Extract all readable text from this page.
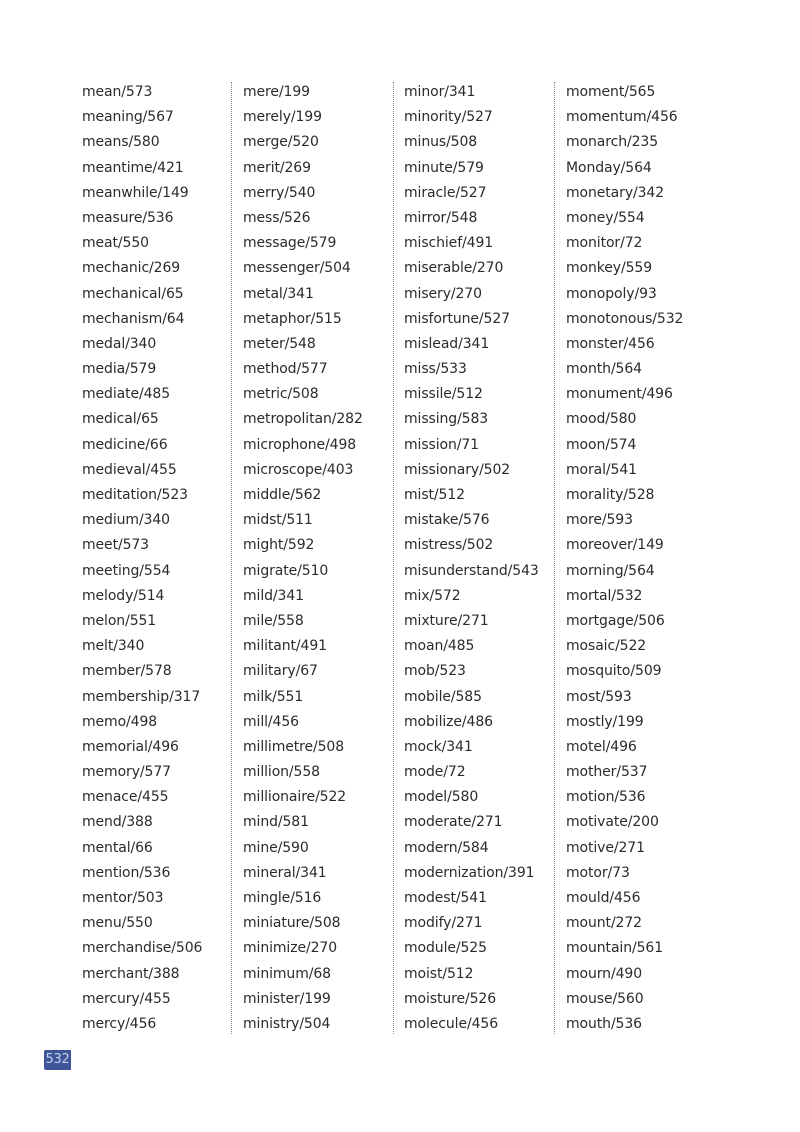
mean/573
meaning/567
means/580
meantime/421
meanwhile/149
measure/536
meat/550
mechanic/269
mechanical/65
mechanism/64
medal/340
media/579
mediate/485
medical/65
medicine/66
medieval/455
meditation/523
medium/340
meet/573
meeting/554
melody/514
melon/551
melt/340
member/578
membership/317
memo/498
memorial/496
memory/577
menace/455
mend/388
mental/66
mention/536
mentor/503
menu/550
merchandise/506
merchant/388
mercury/455
mercy/456
mere/199
merely/199
merge/520
merit/269
merry/540
mess/526
message/579
messenger/504
metal/341
metaphor/515
meter/548
method/577
metric/508
metropolitan/282
microphone/498
microscope/403
middle/562
midst/511
might/592
migrate/510
mild/341
mile/558
militant/491
military/67
milk/551
mill/456
millimetre/508
million/558
millionaire/522
mind/581
mine/590
mineral/341
mingle/516
miniature/508
minimize/270
minimum/68
minister/199
ministry/504
minor/341
minority/527
minus/508
minute/579
miracle/527
mirror/548
mischief/491
miserable/270
misery/270
misfortune/527
mislead/341
miss/533
missile/512
missing/583
mission/71
missionary/502
mist/512
mistake/576
mistress/502
misunderstand/543
mix/572
mixture/271
moan/485
mob/523
mobile/585
mobilize/486
mock/341
mode/72
model/580
moderate/271
modern/584
modernization/391
modest/541
modify/271
module/525
moist/512
moisture/526
molecule/456
moment/565
momentum/456
monarch/235
Monday/564
monetary/342
money/554
monitor/72
monkey/559
monopoly/93
monotonous/532
monster/456
month/564
monument/496
mood/580
moon/574
moral/541
morality/528
more/593
moreover/149
morning/564
mortal/532
mortgage/506
mosaic/522
mosquito/509
most/593
mostly/199
motel/496
mother/537
motion/536
motivate/200
motive/271
motor/73
mould/456
mount/272
mountain/561
mourn/490
mouse/560
mouth/536
532
